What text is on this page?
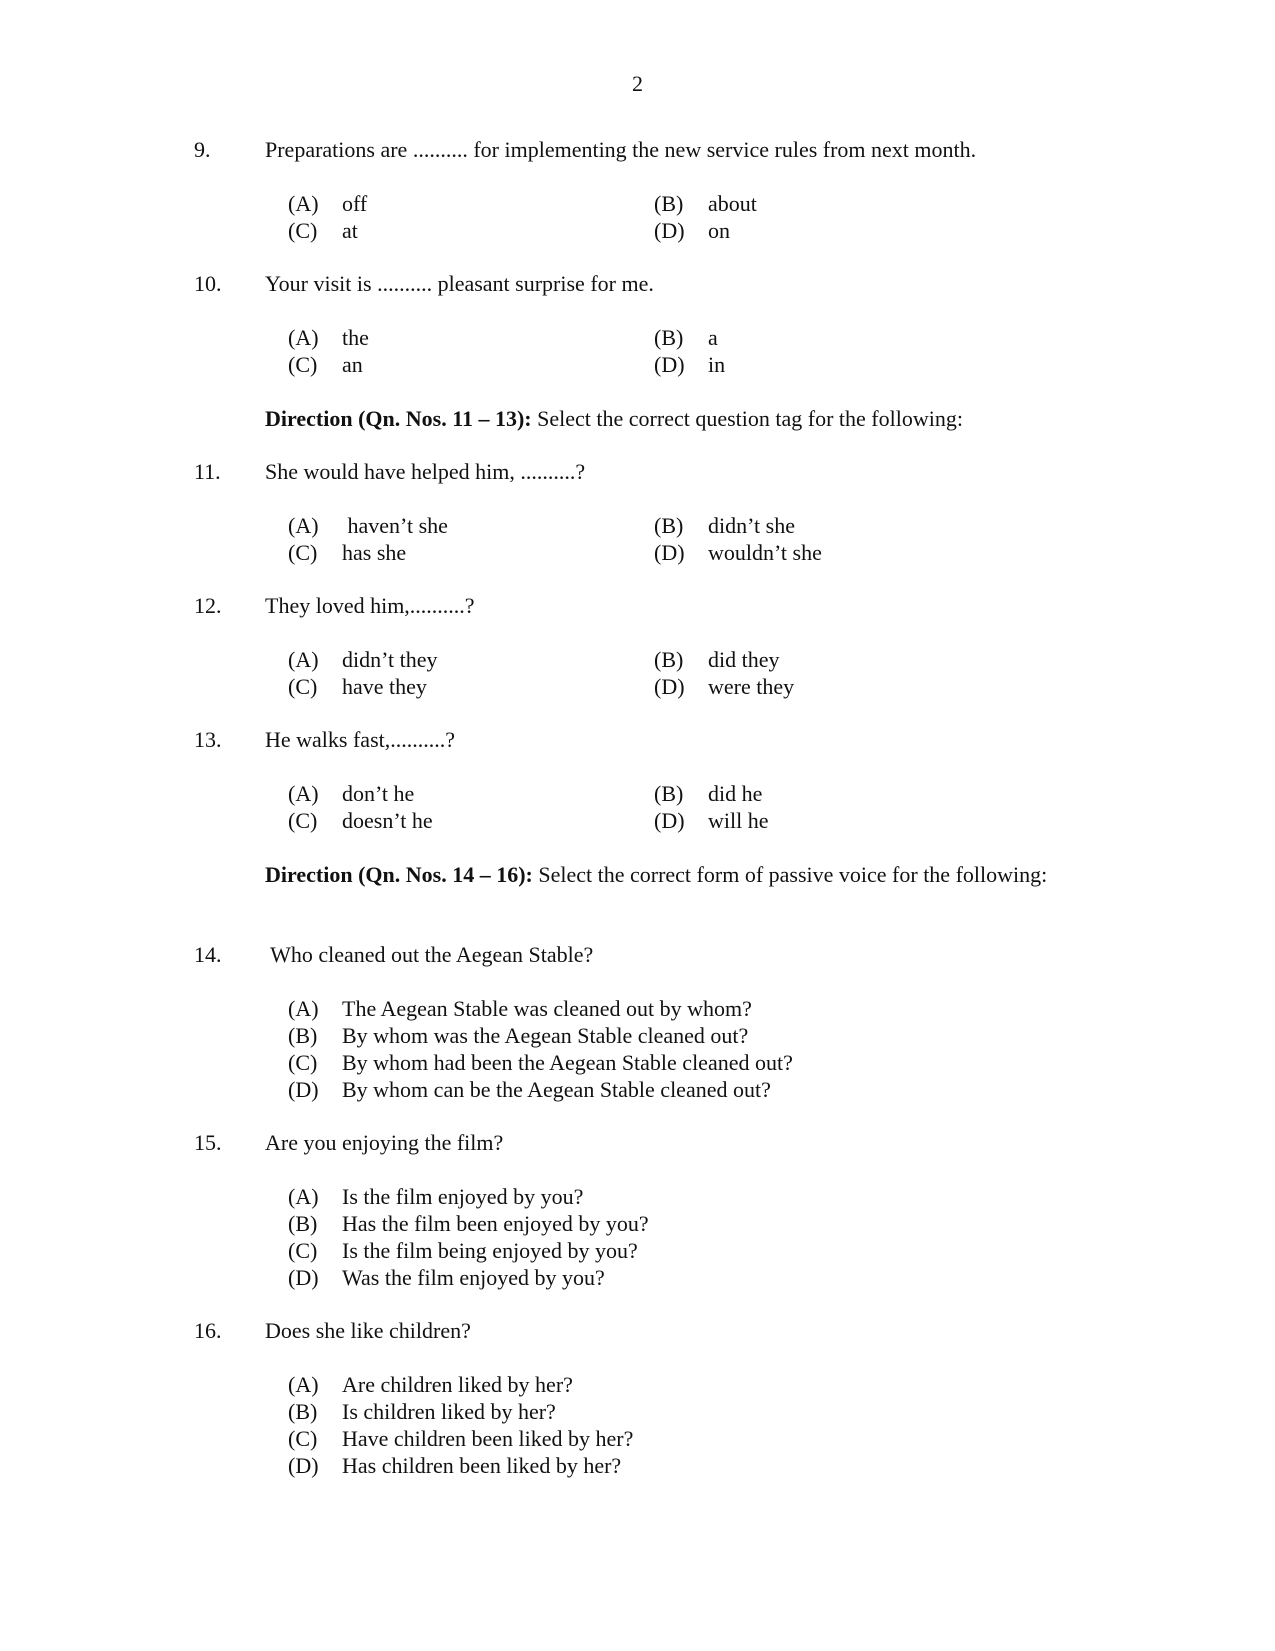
2
9. Preparations are .......... for implementing the new service rules from next month.
(A) off	(B) about
(C) at	(D) on
10. Your visit is .......... pleasant surprise for me.
(A) the	(B) a
(C) an	(D) in
Direction (Qn. Nos. 11 – 13): Select the correct question tag for the following:
11. She would have helped him, ..........?
(A) haven’t she	(B) didn’t she
(C) has she	(D) wouldn’t she
12. They loved him,..........?
(A) didn’t they	(B) did they
(C) have they	(D) were they
13. He walks fast,..........?
(A) don’t he	(B) did he
(C) doesn’t he	(D) will he
Direction (Qn. Nos. 14 – 16): Select the correct form of passive voice for the following:
14. Who cleaned out the Aegean Stable?
(A) The Aegean Stable was cleaned out by whom?
(B) By whom was the Aegean Stable cleaned out?
(C) By whom had been the Aegean Stable cleaned out?
(D) By whom can be the Aegean Stable cleaned out?
15. Are you enjoying the film?
(A) Is the film enjoyed by you?
(B) Has the film been enjoyed by you?
(C) Is the film being enjoyed by you?
(D) Was the film enjoyed by you?
16. Does she like children?
(A) Are children liked by her?
(B) Is children liked by her?
(C) Have children been liked by her?
(D) Has children been liked by her?
